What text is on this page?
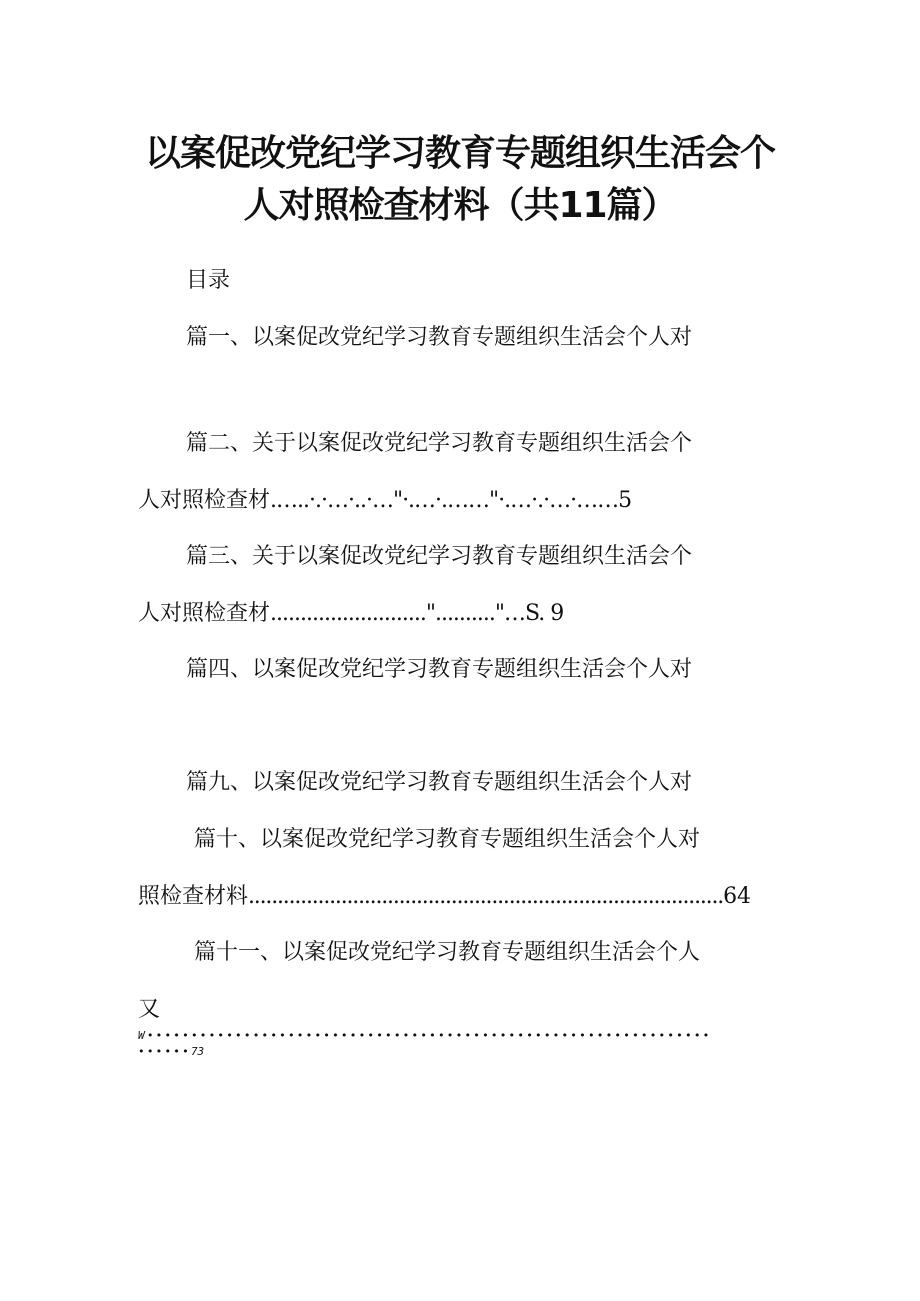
以案促改党纪学习教育专题组织生活会个
人对照检查材料（共11篇）
目录
篇一、以案促改党纪学习教育专题组织生活会个人对
篇二、关于以案促改党纪学习教育专题组织生活会个
人对照检查材.…..·.·…·..·…"·.…·.……"·.…·.·…·……5
篇三、关于以案促改党纪学习教育专题组织生活会个
人对照检查材..........................".........."…S. 9
篇四、以案促改党纪学习教育专题组织生活会个人对
篇九、以案促改党纪学习教育专题组织生活会个人对
篇十、以案促改党纪学习教育专题组织生活会个人对
照检查材料..................................................................................64
篇十一、以案促改党纪学习教育专题组织生活会个人
又
W••••••••••••••••••••••••••••••••••••••••••••••••••••••••••••••••
••••••73
